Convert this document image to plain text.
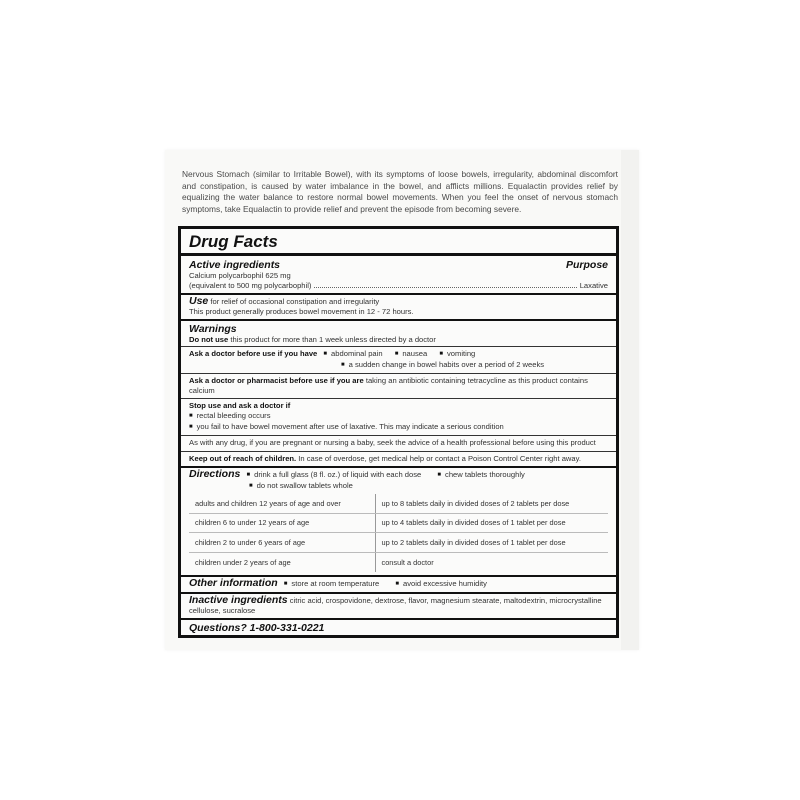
Nervous Stomach (similar to Irritable Bowel), with its symptoms of loose bowels, irregularity, abdominal discomfort and constipation, is caused by water imbalance in the bowel, and afflicts millions. Equalactin provides relief by equalizing the water balance to restore normal bowel movements. When you feel the onset of nervous stomach symptoms, take Equalactin to provide relief and prevent the episode from becoming severe.

Drug Facts
Active ingredients	Purpose
Calcium polycarbophil 625 mg
(equivalent to 500 mg polycarbophil)	Laxative
Use for relief of occasional constipation and irregularity
This product generally produces bowel movement in 12 - 72 hours.
Warnings
Do not use this product for more than 1 week unless directed by a doctor
Ask a doctor before use if you have ■ abdominal pain	■ nausea	■ vomiting
■ a sudden change in bowel habits over a period of 2 weeks
Ask a doctor or pharmacist before use if you are taking an antibiotic containing tetracycline as this product contains calcium
Stop use and ask a doctor if
■ rectal bleeding occurs
■ you fail to have bowel movement after use of laxative. This may indicate a serious condition
As with any drug, if you are pregnant or nursing a baby, seek the advice of a health professional before using this product
Keep out of reach of children. In case of overdose, get medical help or contact a Poison Control Center right away.
Directions ■ drink a full glass (8 fl. oz.) of liquid with each dose	■ chew tablets thoroughly
■ do not swallow tablets whole
adults and children 12 years of age and over	up to 8 tablets daily in divided doses of 2 tablets per dose
children 6 to under 12 years of age	up to 4 tablets daily in divided doses of 1 tablet per dose
children 2 to under 6 years of age	up to 2 tablets daily in divided doses of 1 tablet per dose
children under 2 years of age	consult a doctor
Other information ■ store at room temperature	■ avoid excessive humidity
Inactive ingredients citric acid, crospovidone, dextrose, flavor, magnesium stearate, maltodextrin, microcrystalline cellulose, sucralose
Questions? 1-800-331-0221
